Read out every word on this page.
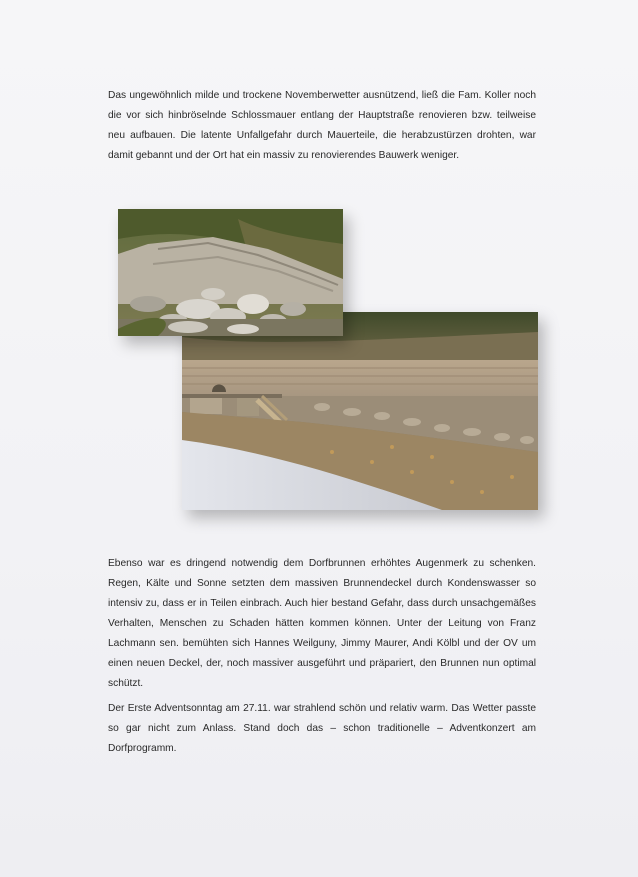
Das ungewöhnlich milde und trockene Novemberwetter ausnützend, ließ die Fam. Koller noch die vor sich hinbröselnde Schlossmauer entlang der Hauptstraße renovieren bzw. teilweise neu aufbauen. Die latente Unfallgefahr durch Mauerteile, die herabzustürzen drohten, war damit gebannt und der Ort hat ein massiv zu renovierendes Bauwerk weniger.

Ebenso war es dringend notwendig dem Dorfbrunnen erhöhtes Augenmerk zu schenken. Regen, Kälte und Sonne setzten dem massiven Brunnendeckel durch Kondenswasser so intensiv zu, dass er in Teilen einbrach. Auch hier bestand Gefahr, dass durch unsachgemäßes Verhalten, Menschen zu Schaden hätten kommen können. Unter der Leitung von Franz Lachmann sen. bemühten sich Hannes Weilguny, Jimmy Maurer, Andi Kölbl und der OV um einen neuen Deckel, der, noch massiver ausgeführt und präpariert, den Brunnen nun optimal schützt.

Der Erste Adventsonntag am 27.11. war strahlend schön und relativ warm. Das Wetter passte so gar nicht zum Anlass. Stand doch das – schon traditionelle – Adventkonzert am Dorfprogramm.
